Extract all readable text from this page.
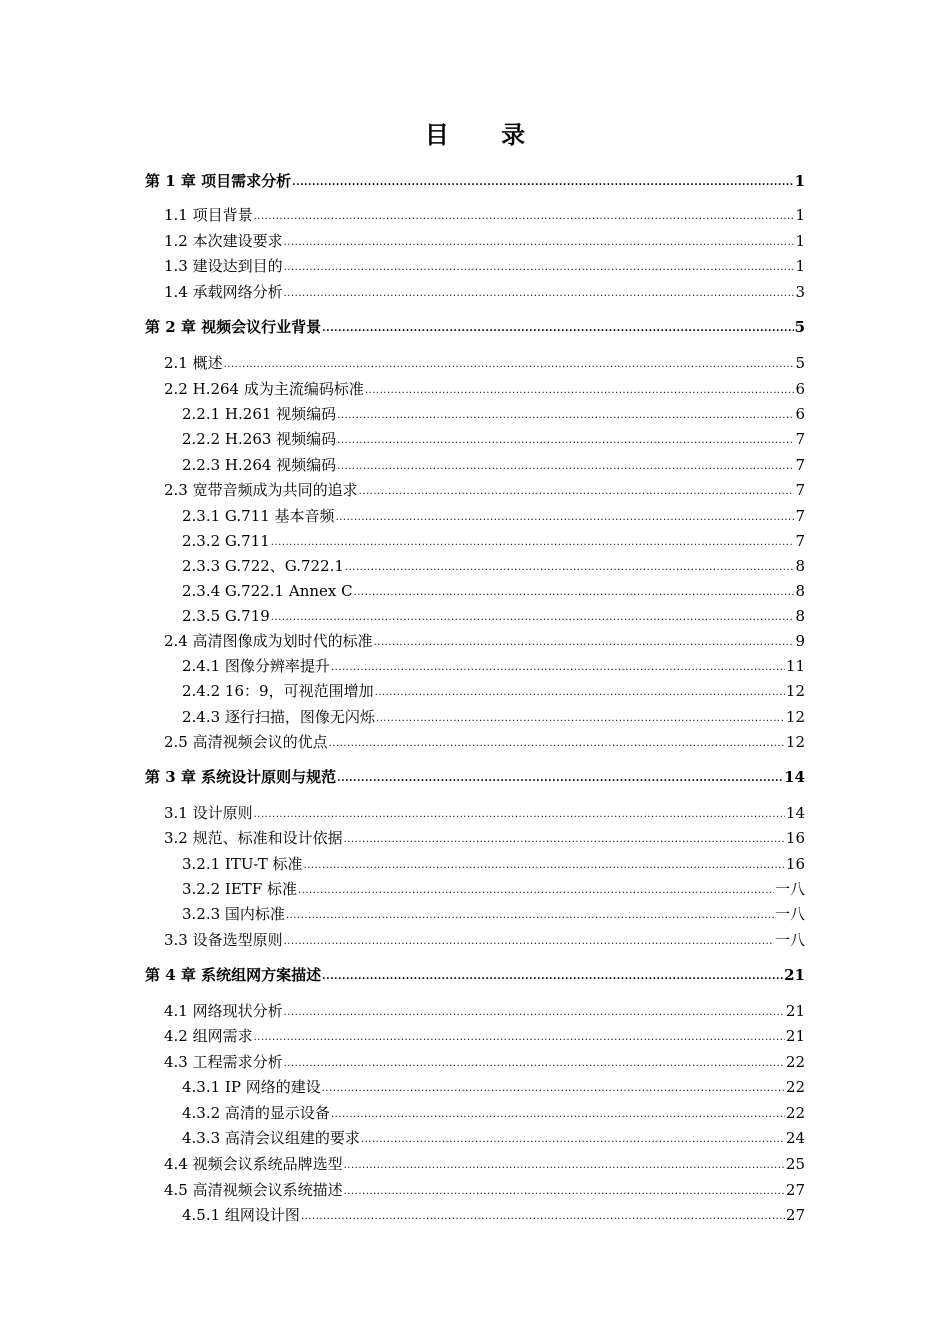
目 录
第 1 章 项目需求分析 .....	1
1.1 项目背景 .....	1
1.2 本次建设要求 .....	1
1.3 建设达到目的 .....	1
1.4 承载网络分析 .....	3
第 2 章 视频会议行业背景 .....	5
2.1 概述 .....	5
2.2 H.264 成为主流编码标准 .....	6
2.2.1 H.261 视频编码 .....	6
2.2.2 H.263 视频编码 .....	7
2.2.3 H.264 视频编码 .....	7
2.3 宽带音频成为共同的追求 .....	7
2.3.1 G.711 基本音频 .....	7
2.3.2 G.711 .....	7
2.3.3 G.722、G.722.1 .....	8
2.3.4 G.722.1 Annex C .....	8
2.3.5 G.719 .....	8
2.4 高清图像成为划时代的标准 .....	9
2.4.1 图像分辨率提升 .....	11
2.4.2 16：9，可视范围增加 .....	12
2.4.3 逐行扫描，图像无闪烁 .....	12
2.5 高清视频会议的优点 .....	12
第 3 章 系统设计原则与规范 .....	14
3.1 设计原则 .....	14
3.2 规范、标准和设计依据 .....	16
3.2.1 ITU-T 标准 .....	16
3.2.2 IETF 标准 .....	一八
3.2.3 国内标准 .....	一八
3.3 设备选型原则 .....	一八
第 4 章 系统组网方案描述 .....	21
4.1 网络现状分析 .....	21
4.2 组网需求 .....	21
4.3 工程需求分析 .....	22
4.3.1 IP 网络的建设 .....	22
4.3.2 高清的显示设备 .....	22
4.3.3 高清会议组建的要求 .....	24
4.4 视频会议系统品牌选型 .....	25
4.5 高清视频会议系统描述 .....	27
4.5.1 组网设计图 .....	27
